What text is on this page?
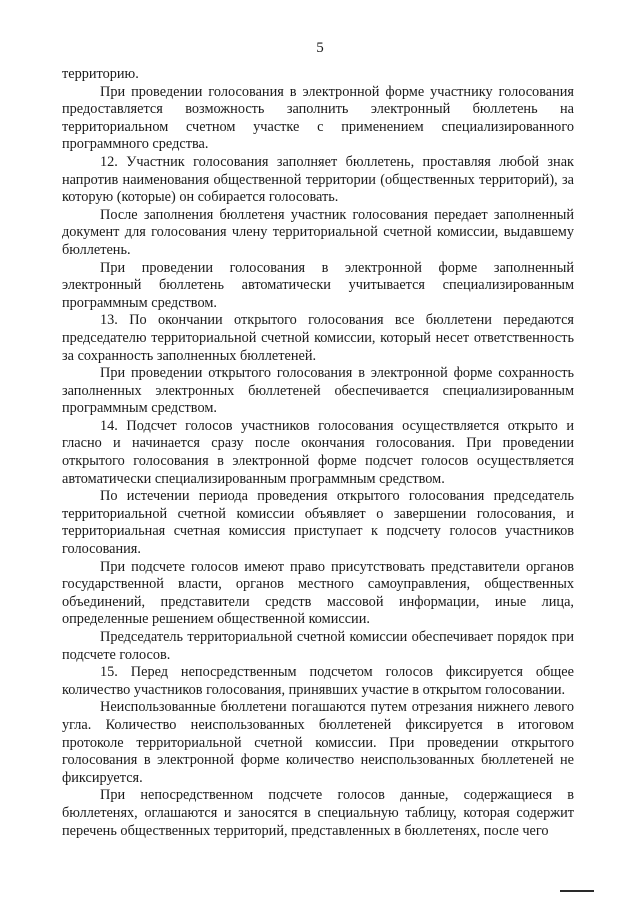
5

территорию.

При проведении голосования в электронной форме участнику голосования предоставляется возможность заполнить электронный бюллетень на территориальном счетном участке с применением специализированного программного средства.

12. Участник голосования заполняет бюллетень, проставляя любой знак напротив наименования общественной территории (общественных территорий), за которую (которые) он собирается голосовать.

После заполнения бюллетеня участник голосования передает заполненный документ для голосования члену территориальной счетной комиссии, выдавшему бюллетень.

При проведении голосования в электронной форме заполненный электронный бюллетень автоматически учитывается специализированным программным средством.

13. По окончании открытого голосования все бюллетени передаются председателю территориальной счетной комиссии, который несет ответственность за сохранность заполненных бюллетеней.

При проведении открытого голосования в электронной форме сохранность заполненных электронных бюллетеней обеспечивается специализированным программным средством.

14. Подсчет голосов участников голосования осуществляется открыто и гласно и начинается сразу после окончания голосования. При проведении открытого голосования в электронной форме подсчет голосов осуществляется автоматически специализированным программным средством.

По истечении периода проведения открытого голосования председатель территориальной счетной комиссии объявляет о завершении голосования, и территориальная счетная комиссия приступает к подсчету голосов участников голосования.

При подсчете голосов имеют право присутствовать представители органов государственной власти, органов местного самоуправления, общественных объединений, представители средств массовой информации, иные лица, определенные решением общественной комиссии.

Председатель территориальной счетной комиссии обеспечивает порядок при подсчете голосов.

15. Перед непосредственным подсчетом голосов фиксируется общее количество участников голосования, принявших участие в открытом голосовании.

Неиспользованные бюллетени погашаются путем отрезания нижнего левого угла. Количество неиспользованных бюллетеней фиксируется в итоговом протоколе территориальной счетной комиссии. При проведении открытого голосования в электронной форме количество неиспользованных бюллетеней не фиксируется.

При непосредственном подсчете голосов данные, содержащиеся в бюллетенях, оглашаются и заносятся в специальную таблицу, которая содержит перечень общественных территорий, представленных в бюллетенях, после чего
